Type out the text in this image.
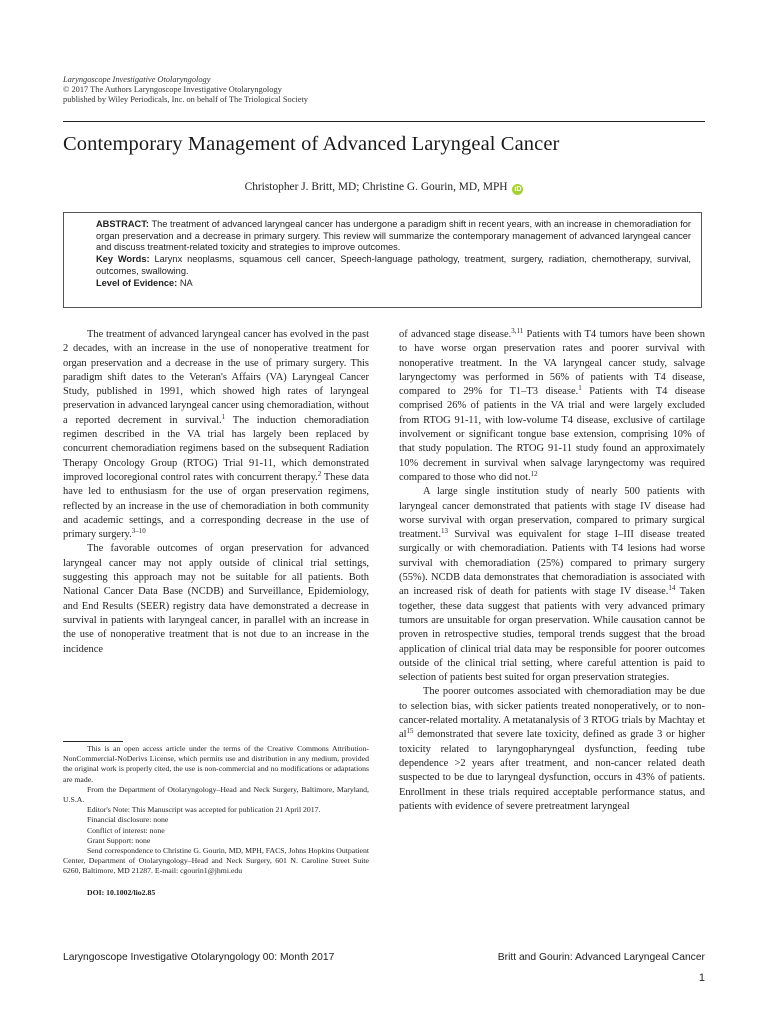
Laryngoscope Investigative Otolaryngology
© 2017 The Authors Laryngoscope Investigative Otolaryngology
published by Wiley Periodicals, Inc. on behalf of The Triological Society
Contemporary Management of Advanced Laryngeal Cancer
Christopher J. Britt, MD; Christine G. Gourin, MD, MPH iD

ABSTRACT: The treatment of advanced laryngeal cancer has undergone a paradigm shift in recent years, with an increase in chemoradiation for organ preservation and a decrease in primary surgery. This review will summarize the contemporary management of advanced laryngeal cancer and discuss treatment-related toxicity and strategies to improve outcomes.

Key Words: Larynx neoplasms, squamous cell cancer, Speech-language pathology, treatment, surgery, radiation, chemotherapy, survival, outcomes, swallowing.

Level of Evidence: NA

The treatment of advanced laryngeal cancer has evolved in the past 2 decades, with an increase in the use of nonoperative treatment for organ preservation and a decrease in the use of primary surgery. This paradigm shift dates to the Veteran's Affairs (VA) Laryngeal Cancer Study, published in 1991, which showed high rates of laryngeal preservation in advanced laryngeal cancer using chemoradiation, without a reported decrement in survival.$^1$ The induction chemoradiation regimen described in the VA trial has largely been replaced by concurrent chemoradiation regimens based on the subsequent Radiation Therapy Oncology Group (RTOG) Trial 91-11, which demonstrated improved locoregional control rates with concurrent therapy.$^2$ These data have led to enthusiasm for the use of organ preservation regimens, reflected by an increase in the use of chemoradiation in both community and academic settings, and a corresponding decrease in the use of primary surgery.$^{3-10}$

The favorable outcomes of organ preservation for advanced laryngeal cancer may not apply outside of clinical trial settings, suggesting this approach may not be suitable for all patients. Both National Cancer Data Base (NCDB) and Surveillance, Epidemiology, and End Results (SEER) registry data have demonstrated a decrease in survival in patients with laryngeal cancer, in parallel with an increase in the use of nonoperative treatment that is not due to an increase in the incidence

This is an open access article under the terms of the Creative Commons Attribution-NonCommercial-NoDerivs License, which permits use and distribution in any medium, provided the original work is properly cited, the use is non-commercial and no modifications or adaptations are made.

From the Department of Otolaryngology–Head and Neck Surgery, Baltimore, Maryland, U.S.A.

Editor's Note: This Manuscript was accepted for publication 21 April 2017.

Financial disclosure: none

Conflict of interest: none

Grant Support: none

Send correspondence to Christine G. Gourin, MD, MPH, FACS, Johns Hopkins Outpatient Center, Department of Otolaryngology–Head and Neck Surgery, 601 N. Caroline Street Suite 6260, Baltimore, MD 21287. E-mail: cgourin1@jhmi.edu

DOI: 10.1002/lio2.85

of advanced stage disease.$^{3,11}$ Patients with T4 tumors have been shown to have worse organ preservation rates and poorer survival with nonoperative treatment. In the VA laryngeal cancer study, salvage laryngectomy was performed in 56% of patients with T4 disease, compared to 29% for T1–T3 disease.$^1$ Patients with T4 disease comprised 26% of patients in the VA trial and were largely excluded from RTOG 91-11, with low-volume T4 disease, exclusive of cartilage involvement or significant tongue base extension, comprising 10% of that study population. The RTOG 91-11 study found an approximately 10% decrement in survival when salvage laryngectomy was required compared to those who did not.$^{12}$

A large single institution study of nearly 500 patients with laryngeal cancer demonstrated that patients with stage IV disease had worse survival with organ preservation, compared to primary surgical treatment.$^{13}$ Survival was equivalent for stage I–III disease treated surgically or with chemoradiation. Patients with T4 lesions had worse survival with chemoradiation (25%) compared to primary surgery (55%). NCDB data demonstrates that chemoradiation is associated with an increased risk of death for patients with stage IV disease.$^{14}$ Taken together, these data suggest that patients with very advanced primary tumors are unsuitable for organ preservation. While causation cannot be proven in retrospective studies, temporal trends suggest that the broad application of clinical trial data may be responsible for poorer outcomes outside of the clinical trial setting, where careful attention is paid to selection of patients best suited for organ preservation strategies.

The poorer outcomes associated with chemoradiation may be due to selection bias, with sicker patients treated nonoperatively, or to non-cancer-related mortality. A metatanalysis of 3 RTOG trials by Machtay et $al^{15}$ demonstrated that severe late toxicity, defined as grade 3 or higher toxicity related to laryngopharyngeal dysfunction, feeding tube dependence >2 years after treatment, and non-cancer related death suspected to be due to laryngeal dysfunction, occurs in 43% of patients. Enrollment in these trials required acceptable performance status, and patients with evidence of severe pretreatment laryngeal

Laryngoscope Investigative Otolaryngology 00: Month 2017	Britt and Gourin: Advanced Laryngeal Cancer
1
